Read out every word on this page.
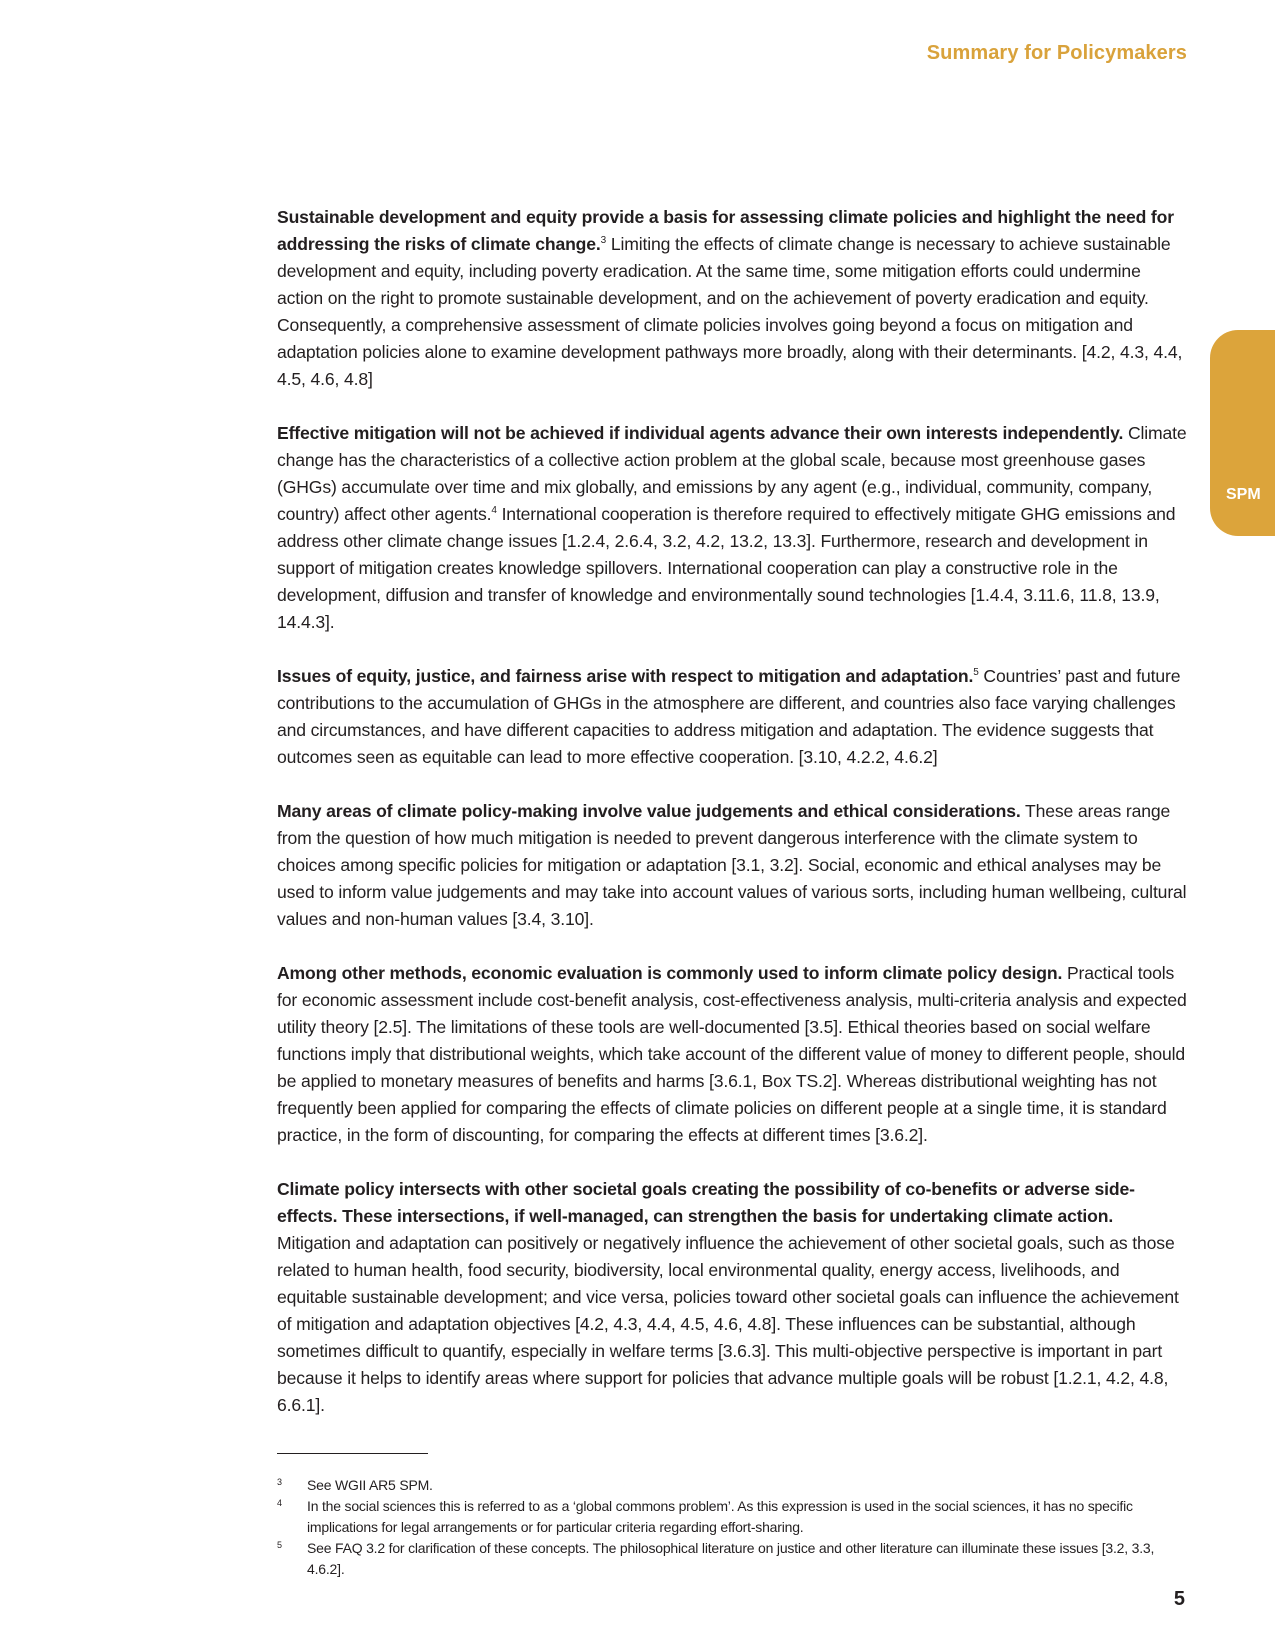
Summary for Policymakers
SPM

Sustainable development and equity provide a basis for assessing climate policies and highlight the need for addressing the risks of climate change.$^3$ Limiting the effects of climate change is necessary to achieve sustainable development and equity, including poverty eradication. At the same time, some mitigation efforts could undermine action on the right to promote sustainable development, and on the achievement of poverty eradication and equity. Consequently, a comprehensive assessment of climate policies involves going beyond a focus on mitigation and adaptation policies alone to examine development pathways more broadly, along with their determinants. [4.2, 4.3, 4.4, 4.5, 4.6, 4.8]

Effective mitigation will not be achieved if individual agents advance their own interests independently. Climate change has the characteristics of a collective action problem at the global scale, because most greenhouse gases (GHGs) accumulate over time and mix globally, and emissions by any agent (e.g., individual, community, company, country) affect other agents.$^4$ International cooperation is therefore required to effectively mitigate GHG emissions and address other climate change issues [1.2.4, 2.6.4, 3.2, 4.2, 13.2, 13.3]. Furthermore, research and development in support of mitigation creates knowledge spillovers. International cooperation can play a constructive role in the development, diffusion and transfer of knowledge and environmentally sound technologies [1.4.4, 3.11.6, 11.8, 13.9, 14.4.3].

Issues of equity, justice, and fairness arise with respect to mitigation and adaptation.$^5$ Countries’ past and future contributions to the accumulation of GHGs in the atmosphere are different, and countries also face varying challenges and circumstances, and have different capacities to address mitigation and adaptation. The evidence suggests that outcomes seen as equitable can lead to more effective cooperation. [3.10, 4.2.2, 4.6.2]

Many areas of climate policy-making involve value judgements and ethical considerations. These areas range from the question of how much mitigation is needed to prevent dangerous interference with the climate system to choices among specific policies for mitigation or adaptation [3.1, 3.2]. Social, economic and ethical analyses may be used to inform value judgements and may take into account values of various sorts, including human wellbeing, cultural values and non-human values [3.4, 3.10].

Among other methods, economic evaluation is commonly used to inform climate policy design. Practical tools for economic assessment include cost-benefit analysis, cost-effectiveness analysis, multi-criteria analysis and expected utility theory [2.5]. The limitations of these tools are well-documented [3.5]. Ethical theories based on social welfare functions imply that distributional weights, which take account of the different value of money to different people, should be applied to monetary measures of benefits and harms [3.6.1, Box TS.2]. Whereas distributional weighting has not frequently been applied for comparing the effects of climate policies on different people at a single time, it is standard practice, in the form of discounting, for comparing the effects at different times [3.6.2].

Climate policy intersects with other societal goals creating the possibility of co-benefits or adverse side-effects. These intersections, if well-managed, can strengthen the basis for undertaking climate action. Mitigation and adaptation can positively or negatively influence the achievement of other societal goals, such as those related to human health, food security, biodiversity, local environmental quality, energy access, livelihoods, and equitable sustainable development; and vice versa, policies toward other societal goals can influence the achievement of mitigation and adaptation objectives [4.2, 4.3, 4.4, 4.5, 4.6, 4.8]. These influences can be substantial, although sometimes difficult to quantify, especially in welfare terms [3.6.3]. This multi-objective perspective is important in part because it helps to identify areas where support for policies that advance multiple goals will be robust [1.2.1, 4.2, 4.8, 6.6.1].

3	See WGII AR5 SPM.
4	In the social sciences this is referred to as a ‘global commons problem’. As this expression is used in the social sciences, it has no specific implications for legal arrangements or for particular criteria regarding effort-sharing.
5	See FAQ 3.2 for clarification of these concepts. The philosophical literature on justice and other literature can illuminate these issues [3.2, 3.3, 4.6.2].
5
